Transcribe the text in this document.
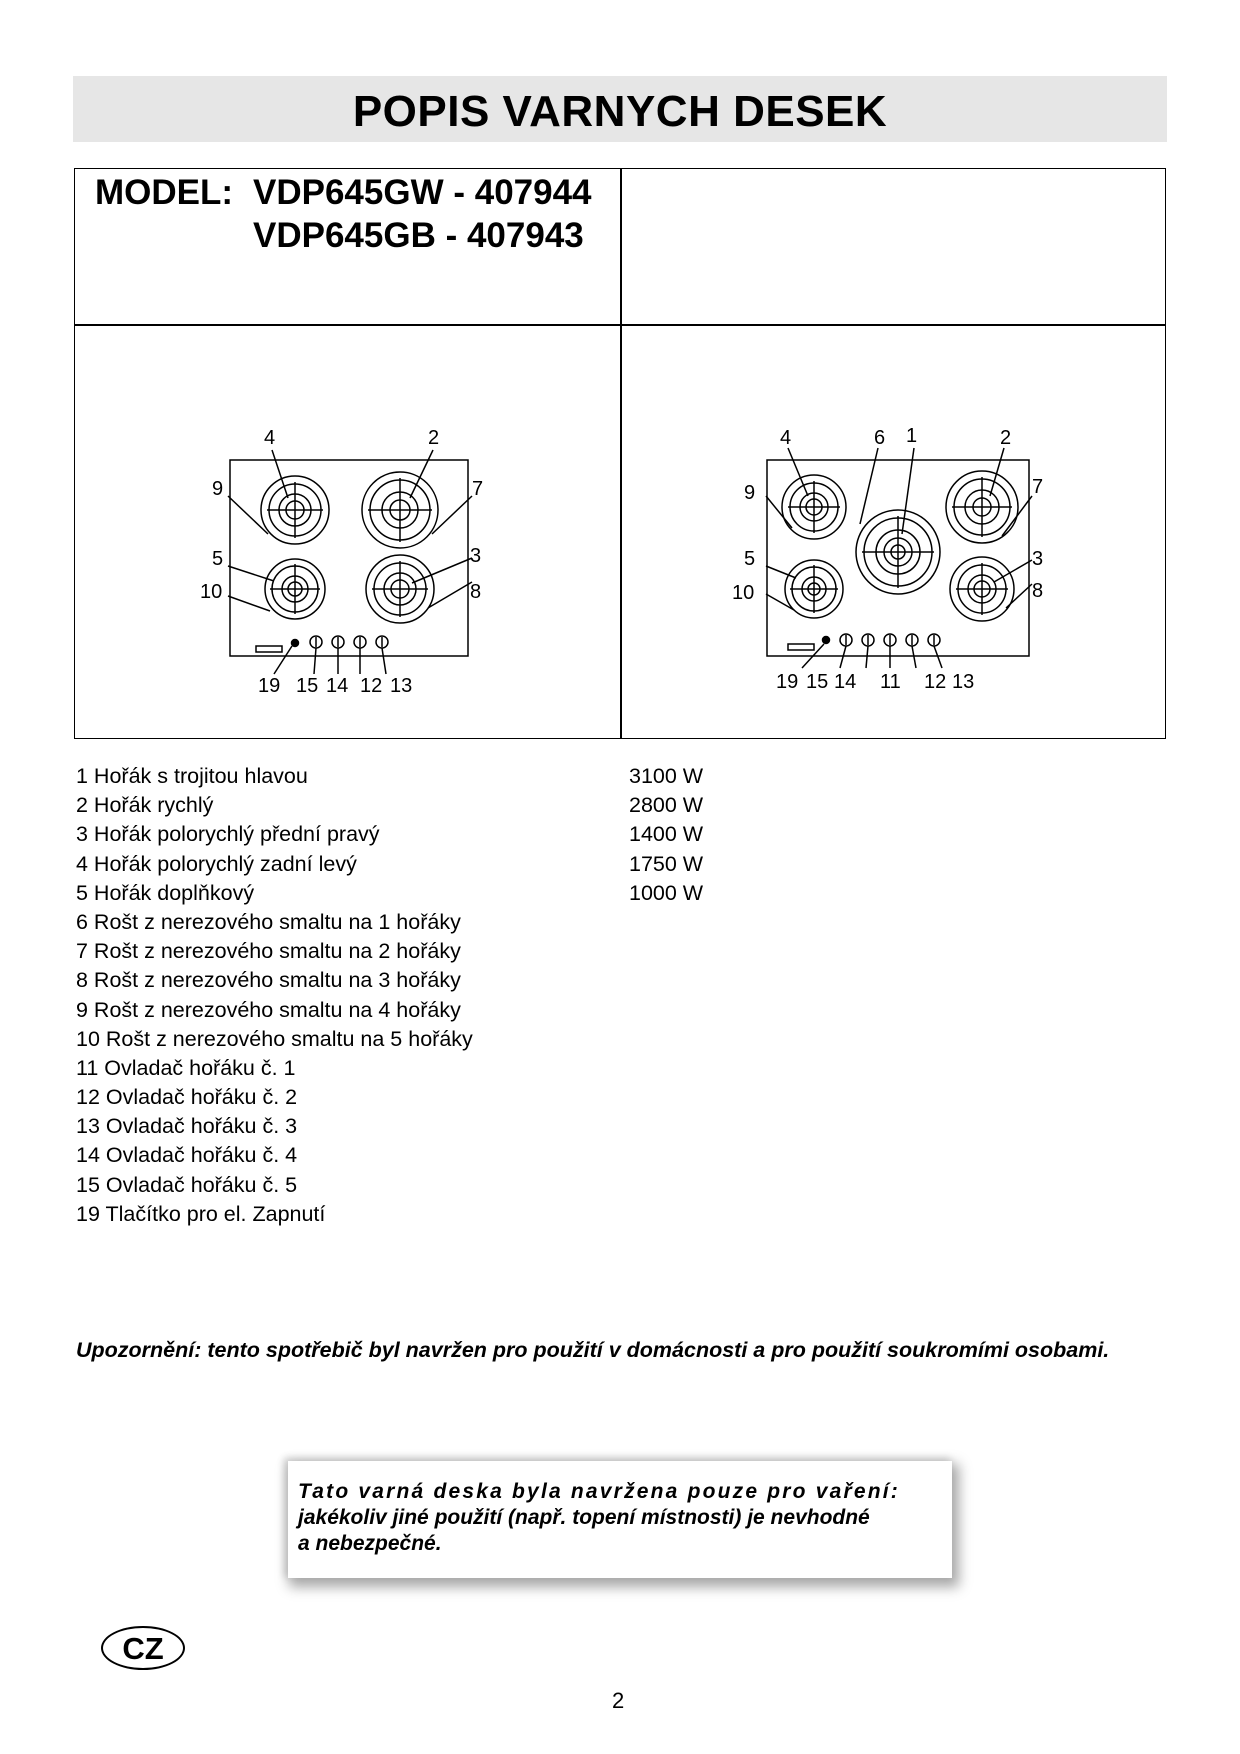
POPIS VARNYCH DESEK
MODEL: VDP645GW - 407944
VDP645GB - 407943
4	2
9
5
10
7
3
8
19 15 14 12 13
4	6 1	2
9
5
10
7
3
8
19 15 14 11 12 13
1 Hořák s trojitou hlavou	3100 W
2 Hořák rychlý	2800 W
3 Hořák polorychlý přední pravý	1400 W
4 Hořák polorychlý zadní levý	1750 W
5 Hořák doplňkový	1000 W
6 Rošt z nerezového smaltu na 1 hořáky
7 Rošt z nerezového smaltu na 2 hořáky
8 Rošt z nerezového smaltu na 3 hořáky
9 Rošt z nerezového smaltu na 4 hořáky
10 Rošt z nerezového smaltu na 5 hořáky
11 Ovladač hořáku č. 1
12 Ovladač hořáku č. 2
13 Ovladač hořáku č. 3
14 Ovladač hořáku č. 4
15 Ovladač hořáku č. 5
19 Tlačítko pro el. Zapnutí
Upozornění: tento spotřebič byl navržen pro použití v domácnosti a pro použití soukromími osobami.
Tato varná deska byla navržena pouze pro vaření:
jakékoliv jiné použití (např. topení místnosti) je nevhodné
a nebezpečné.
CZ
2
